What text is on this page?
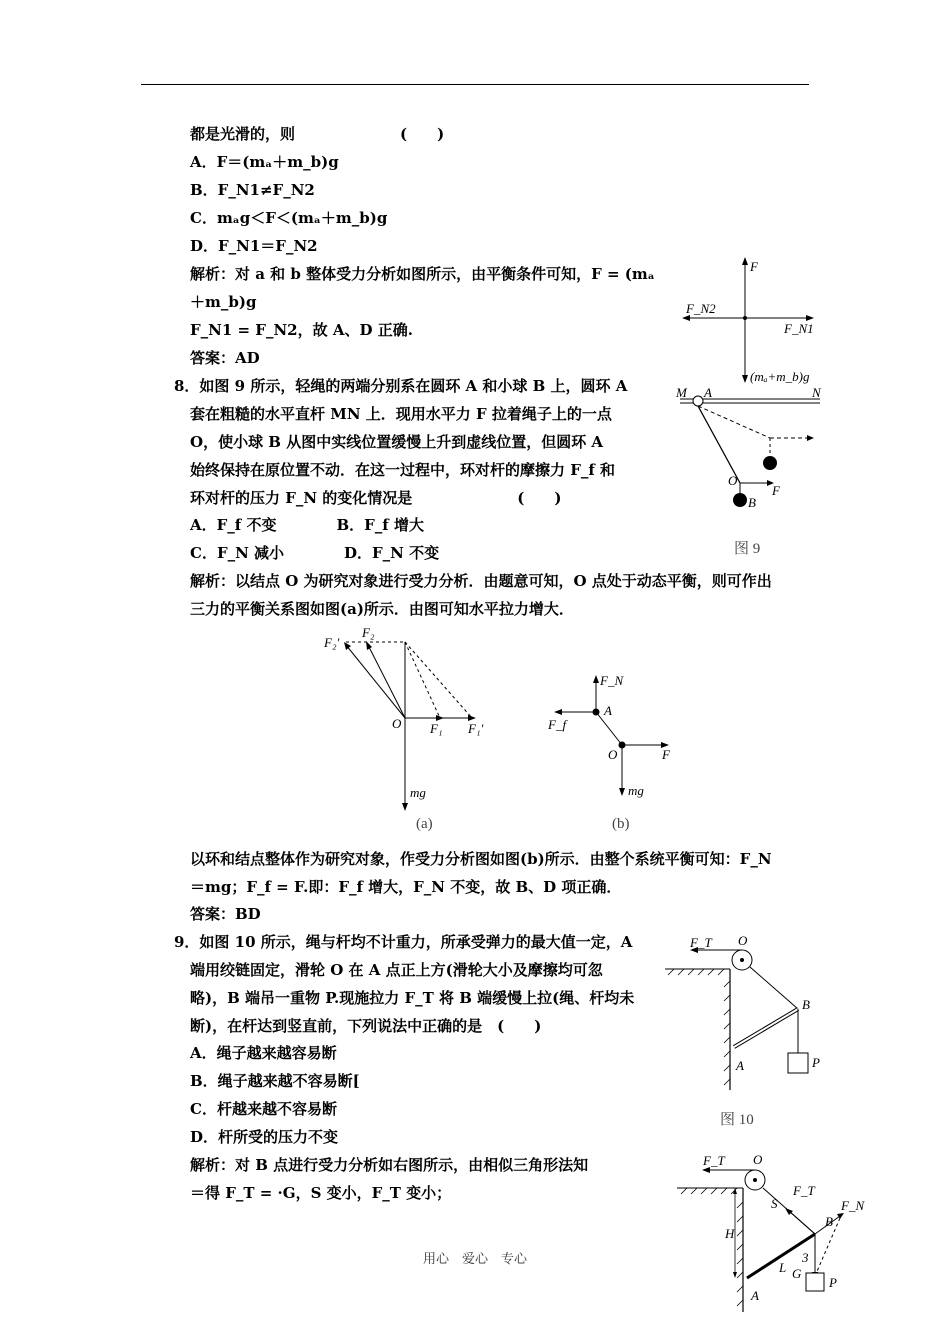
都是光滑的，则　　　　　　　(　　)
A．F＝(mₐ＋m_b)g
B．F_N1≠F_N2
C．mₐg＜F＜(mₐ＋m_b)g
D．F_N1＝F_N2
解析：对 a 和 b 整体受力分析如图所示，由平衡条件可知，F = (mₐ
＋m_b)g
F_N1 = F_N2，故 A、D 正确.
答案：AD
8．如图 9 所示，轻绳的两端分别系在圆环 A 和小球 B 上，圆环 A
套在粗糙的水平直杆 MN 上．现用水平力 F 拉着绳子上的一点
O，使小球 B 从图中实线位置缓慢上升到虚线位置，但圆环 A
始终保持在原位置不动．在这一过程中，环对杆的摩擦力 F_f 和
环对杆的压力 F_N 的变化情况是　　　　　　　(　　)
A．F_f 不变　　　　B．F_f 增大
C．F_N 减小　　　　D．F_N 不变
解析：以结点 O 为研究对象进行受力分析．由题意可知，O 点处于动态平衡，则可作出
三力的平衡关系图如图(a)所示．由图可知水平拉力增大．
以环和结点整体作为研究对象，作受力分析图如图(b)所示．由整个系统平衡可知：F_N
＝mg；F_f = F.即：F_f 增大，F_N 不变，故 B、D 项正确．
答案：BD
9．如图 10 所示，绳与杆均不计重力，所承受弹力的最大值一定，A
端用绞链固定，滑轮 O 在 A 点正上方(滑轮大小及摩擦均可忽
略)，B 端吊一重物 P.现施拉力 F_T 将 B 端缓慢上拉(绳、杆均未
断)，在杆达到竖直前，下列说法中正确的是　(　　)
A．绳子越来越容易断
B．绳子越来越不容易断[
C．杆越来越不容易断
D．杆所受的压力不变
解析：对 B 点进行受力分析如右图所示，由相似三角形法知
＝得 F_T = ·G，S 变小，F_T 变小；
F
F_N2
F_N1
(mₐ+m_b)g
M A	N
O
F
B
图 9
F₂′
F₂
O F₁ F₁′
mg
(a)
F_N
A
F_f
O	F
mg
(b)
F_T O
B
P
A
图 10
F_T O
F_T
S	F_N
B
H
3
L G
P
A
用心　爱心　专心
